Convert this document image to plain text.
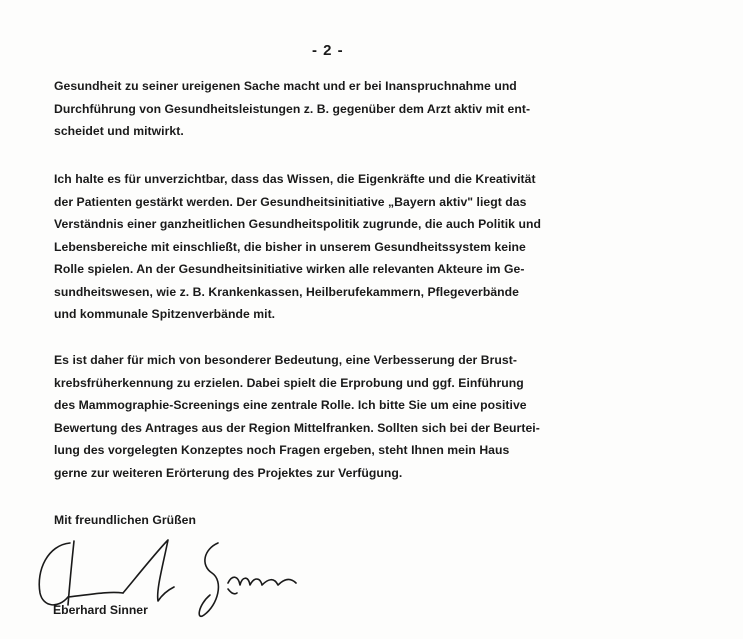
- 2 -
Gesundheit zu seiner ureigenen Sache macht und er bei Inanspruchnahme und
Durchführung von Gesundheitsleistungen z. B. gegenüber dem Arzt aktiv mit ent-
scheidet und mitwirkt.
Ich halte es für unverzichtbar, dass das Wissen, die Eigenkräfte und die Kreativität
der Patienten gestärkt werden. Der Gesundheitsinitiative „Bayern aktiv" liegt das
Verständnis einer ganzheitlichen Gesundheitspolitik zugrunde, die auch Politik und
Lebensbereiche mit einschließt, die bisher in unserem Gesundheitssystem keine
Rolle spielen. An der Gesundheitsinitiative wirken alle relevanten Akteure im Ge-
sundheitswesen, wie z. B. Krankenkassen, Heilberufekammern, Pflegeverbände
und kommunale Spitzenverbände mit.
Es ist daher für mich von besonderer Bedeutung, eine Verbesserung der Brust-
krebsfrüherkennung zu erzielen. Dabei spielt die Erprobung und ggf. Einführung
des Mammographie-Screenings eine zentrale Rolle. Ich bitte Sie um eine positive
Bewertung des Antrages aus der Region Mittelfranken. Sollten sich bei der Beurtei-
lung des vorgelegten Konzeptes noch Fragen ergeben, steht Ihnen mein Haus
gerne zur weiteren Erörterung des Projektes zur Verfügung.
Mit freundlichen Grüßen
Eberhard Sinner
